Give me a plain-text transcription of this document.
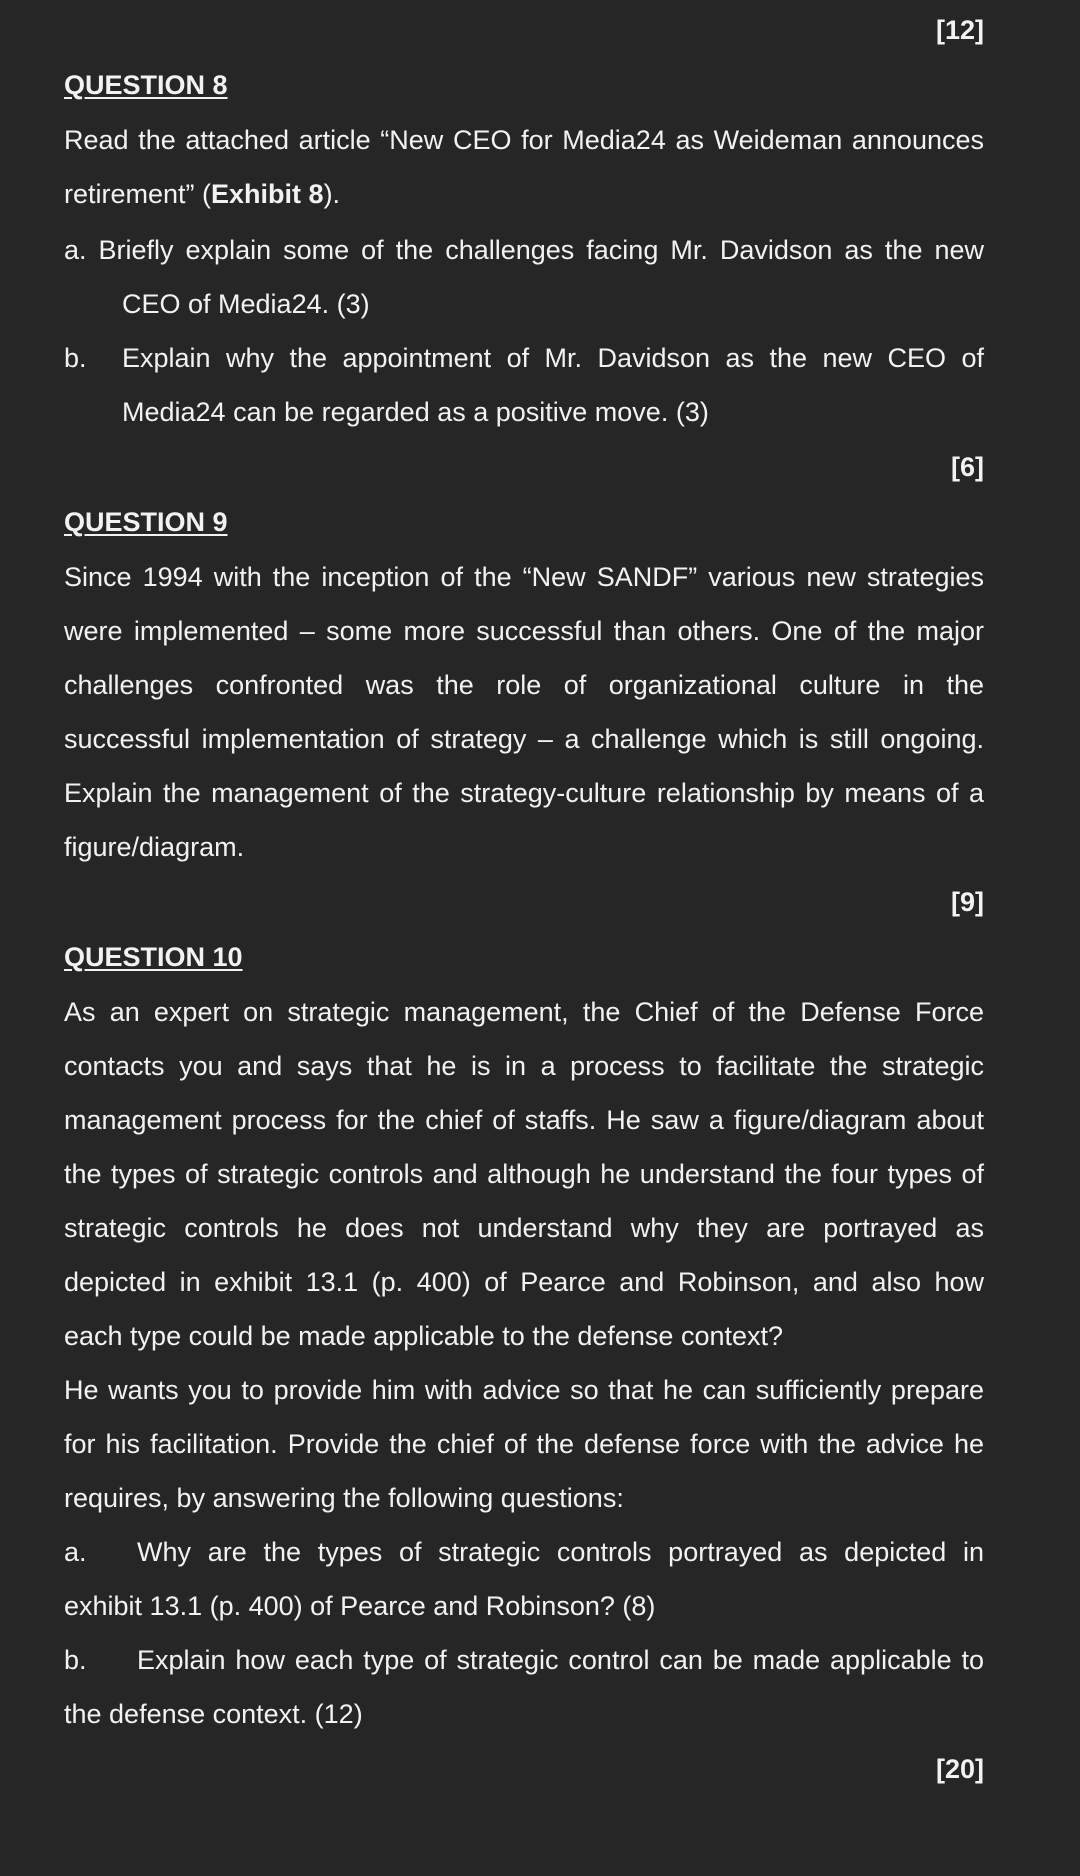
[12]
QUESTION 8
Read the attached article “New CEO for Media24 as Weideman announces
retirement” (Exhibit 8).
a. Briefly explain some of the challenges facing Mr. Davidson as the new
CEO of Media24. (3)
b. Explain why the appointment of Mr. Davidson as the new CEO of
Media24 can be regarded as a positive move. (3)
[6]
QUESTION 9
Since 1994 with the inception of the “New SANDF” various new strategies
were implemented – some more successful than others. One of the major
challenges confronted was the role of organizational culture in the
successful implementation of strategy – a challenge which is still ongoing.
Explain the management of the strategy-culture relationship by means of a
figure/diagram.
[9]
QUESTION 10
As an expert on strategic management, the Chief of the Defense Force
contacts you and says that he is in a process to facilitate the strategic
management process for the chief of staffs. He saw a figure/diagram about
the types of strategic controls and although he understand the four types of
strategic controls he does not understand why they are portrayed as
depicted in exhibit 13.1 (p. 400) of Pearce and Robinson, and also how
each type could be made applicable to the defense context?
He wants you to provide him with advice so that he can sufficiently prepare
for his facilitation. Provide the chief of the defense force with the advice he
requires, by answering the following questions:
a. Why are the types of strategic controls portrayed as depicted in
exhibit 13.1 (p. 400) of Pearce and Robinson? (8)
b. Explain how each type of strategic control can be made applicable to
the defense context. (12)
[20]
